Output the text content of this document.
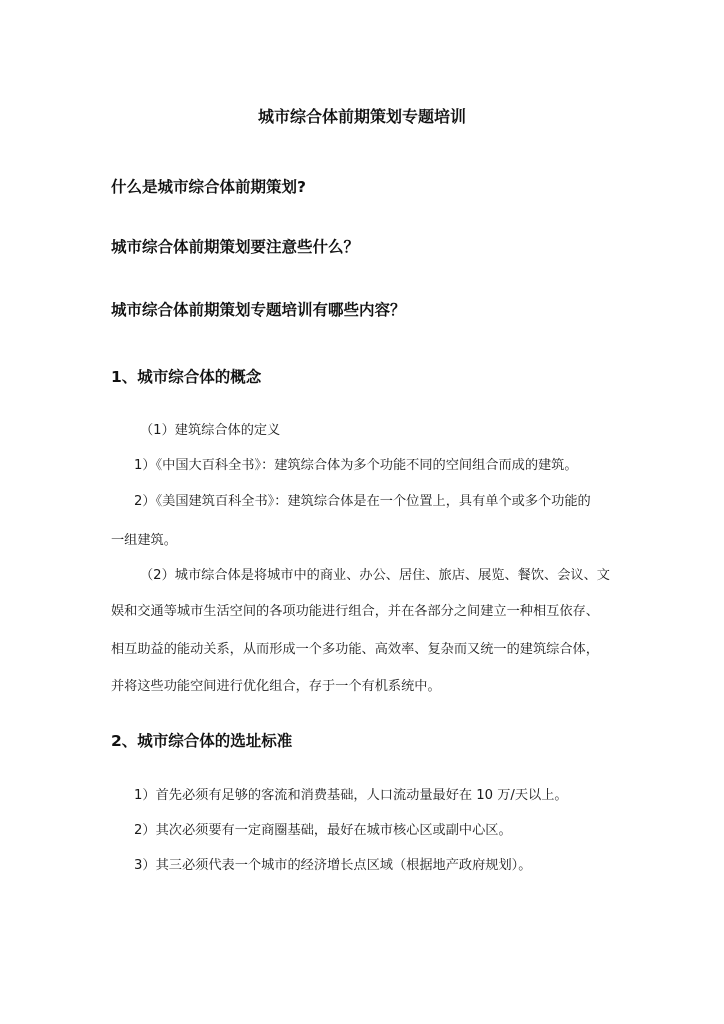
城市综合体前期策划专题培训
什么是城市综合体前期策划?
城市综合体前期策划要注意些什么？
城市综合体前期策划专题培训有哪些内容？
1、城市综合体的概念
（1）建筑综合体的定义
1）《中国大百科全书》：建筑综合体为多个功能不同的空间组合而成的建筑。
2）《美国建筑百科全书》：建筑综合体是在一个位置上，具有单个或多个功能的
一组建筑。
（2）城市综合体是将城市中的商业、办公、居住、旅店、展览、餐饮、会议、文
娱和交通等城市生活空间的各项功能进行组合，并在各部分之间建立一种相互依存、
相互助益的能动关系，从而形成一个多功能、高效率、复杂而又统一的建筑综合体，
并将这些功能空间进行优化组合，存于一个有机系统中。
2、城市综合体的选址标准
1）首先必须有足够的客流和消费基础，人口流动量最好在 10 万/天以上。
2）其次必须要有一定商圈基础，最好在城市核心区或副中心区。
3）其三必须代表一个城市的经济增长点区域（根据地产政府规划）。
